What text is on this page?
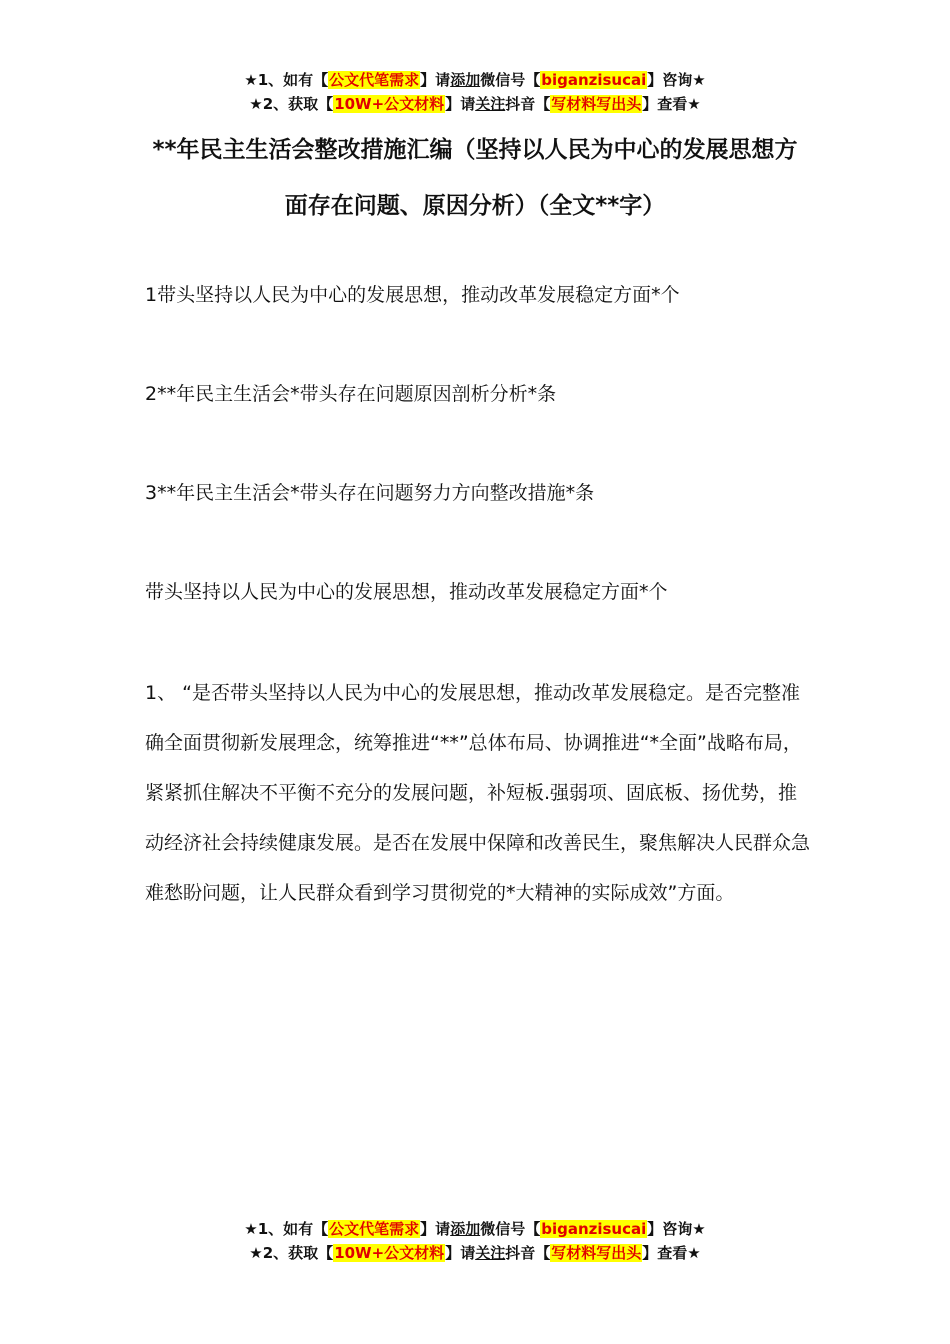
★1、如有【公文代笔需求】请添加微信号【biganzisucai】咨询★
★2、获取【10W+公文材料】请关注抖音【写材料写出头】查看★
**年民主生活会整改措施汇编（坚持以人民为中心的发展思想方面存在问题、原因分析）（全文**字）
1带头坚持以人民为中心的发展思想，推动改革发展稳定方面*个
2**年民主生活会*带头存在问题原因剖析分析*条
3**年民主生活会*带头存在问题努力方向整改措施*条
带头坚持以人民为中心的发展思想，推动改革发展稳定方面*个
1、 “是否带头坚持以人民为中心的发展思想，推动改革发展稳定。是否完整准确全面贯彻新发展理念，统筹推进“**”总体布局、协调推进“*全面”战略布局，紧紧抓住解决不平衡不充分的发展问题，补短板.强弱项、固底板、扬优势，推动经济社会持续健康发展。是否在发展中保障和改善民生，聚焦解决人民群众急难愁盼问题，让人民群众看到学习贯彻党的*大精神的实际成效”方面。
★1、如有【公文代笔需求】请添加微信号【biganzisucai】咨询★
★2、获取【10W+公文材料】请关注抖音【写材料写出头】查看★
